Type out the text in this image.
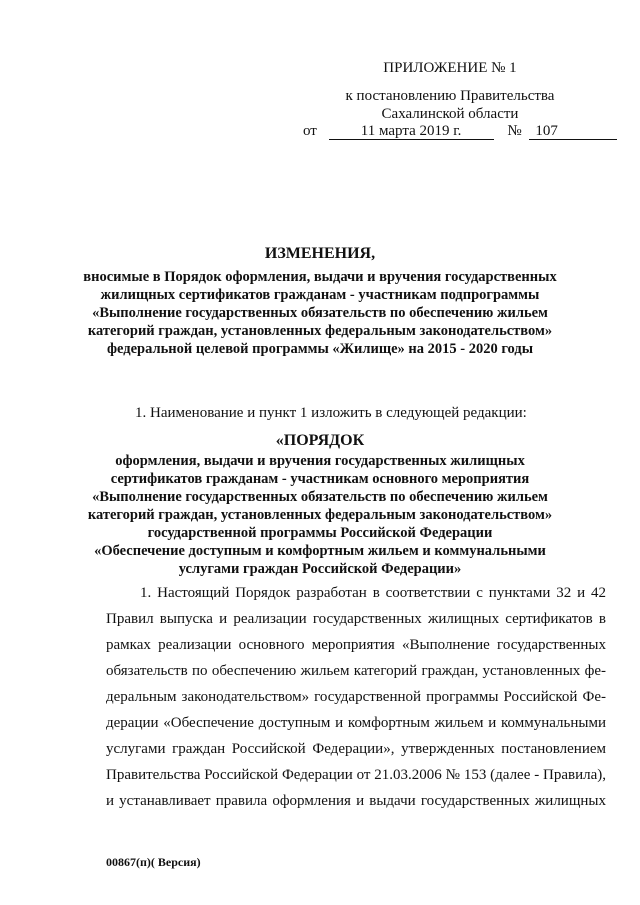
ПРИЛОЖЕНИЕ № 1
к постановлению Правительства
Сахалинской области
от	11 марта 2019 г.	№ 107
ИЗМЕНЕНИЯ,
вносимые в Порядок оформления, выдачи и вручения государственных
жилищных сертификатов гражданам - участникам подпрограммы
«Выполнение государственных обязательств по обеспечению жильем
категорий граждан, установленных федеральным законодательством»
федеральной целевой программы «Жилище» на 2015 - 2020 годы
1. Наименование и пункт 1 изложить в следующей редакции:
«ПОРЯДОК
оформления, выдачи и вручения государственных жилищных
сертификатов гражданам - участникам основного мероприятия
«Выполнение государственных обязательств по обеспечению жильем
категорий граждан, установленных федеральным законодательством»
государственной программы Российской Федерации
«Обеспечение доступным и комфортным жильем и коммунальными
услугами граждан Российской Федерации»
1. Настоящий Порядок разработан в соответствии с пунктами 32 и 42
Правил выпуска и реализации государственных жилищных сертификатов в
рамках реализации основного мероприятия «Выполнение государственных
обязательств по обеспечению жильем категорий граждан, установленных фе-
деральным законодательством» государственной программы Российской Фе-
дерации «Обеспечение доступным и комфортным жильем и коммунальными
услугами граждан Российской Федерации», утвержденных постановлением
Правительства Российской Федерации от 21.03.2006 № 153 (далее - Правила),
и устанавливает правила оформления и выдачи государственных жилищных
00867(п)( Версия)
